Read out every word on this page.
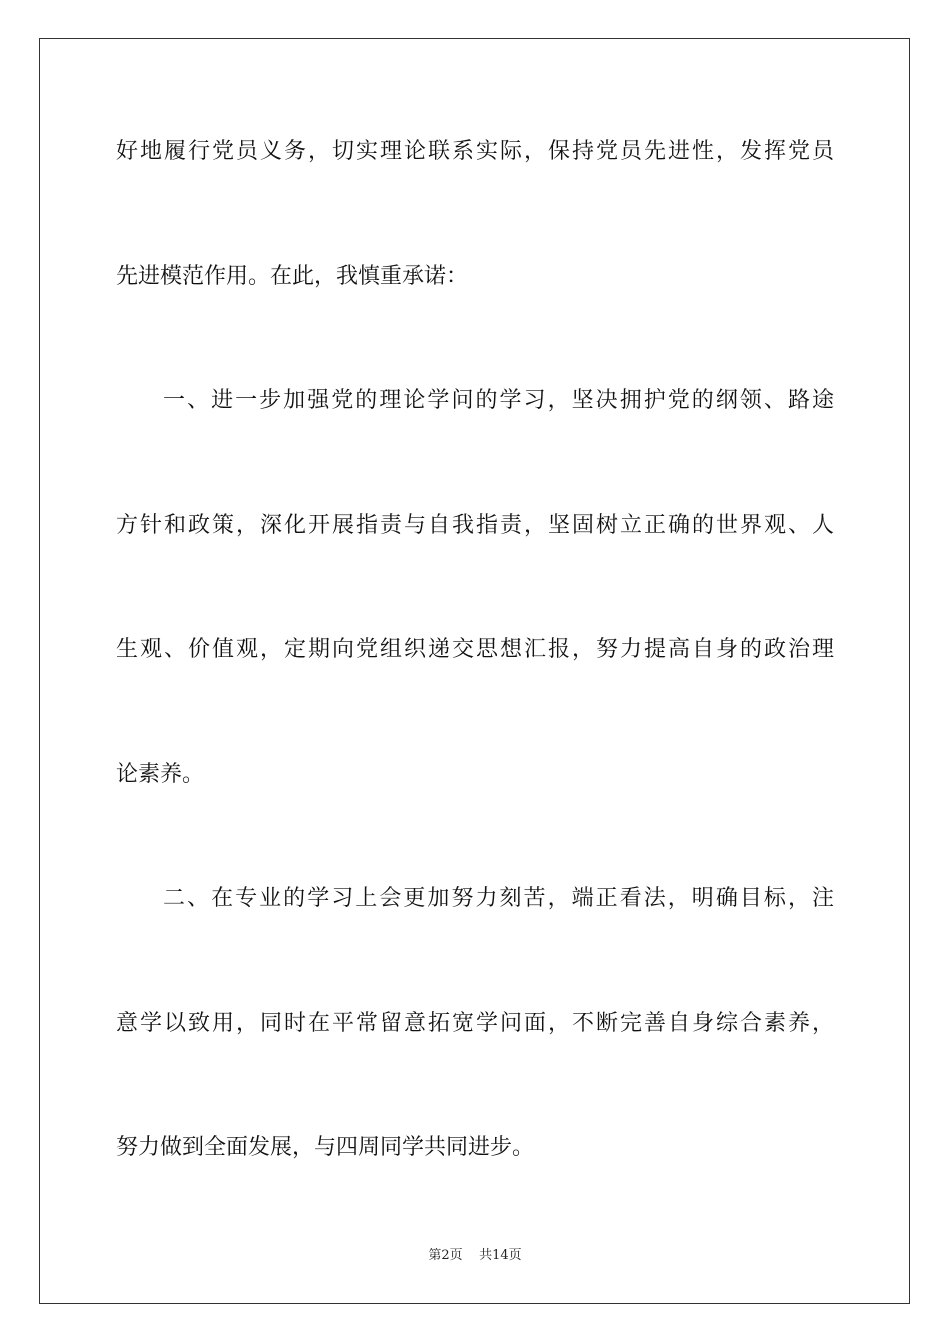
好地履行党员义务，切实理论联系实际，保持党员先进性，发挥党员
先进模范作用。在此，我慎重承诺：
一、进一步加强党的理论学问的学习，坚决拥护党的纲领、路途
方针和政策，深化开展指责与自我指责，坚固树立正确的世界观、人
生观、价值观，定期向党组织递交思想汇报，努力提高自身的政治理
论素养。
二、在专业的学习上会更加努力刻苦，端正看法，明确目标，注
意学以致用，同时在平常留意拓宽学问面，不断完善自身综合素养，
努力做到全面发展，与四周同学共同进步。
第2页 共14页
